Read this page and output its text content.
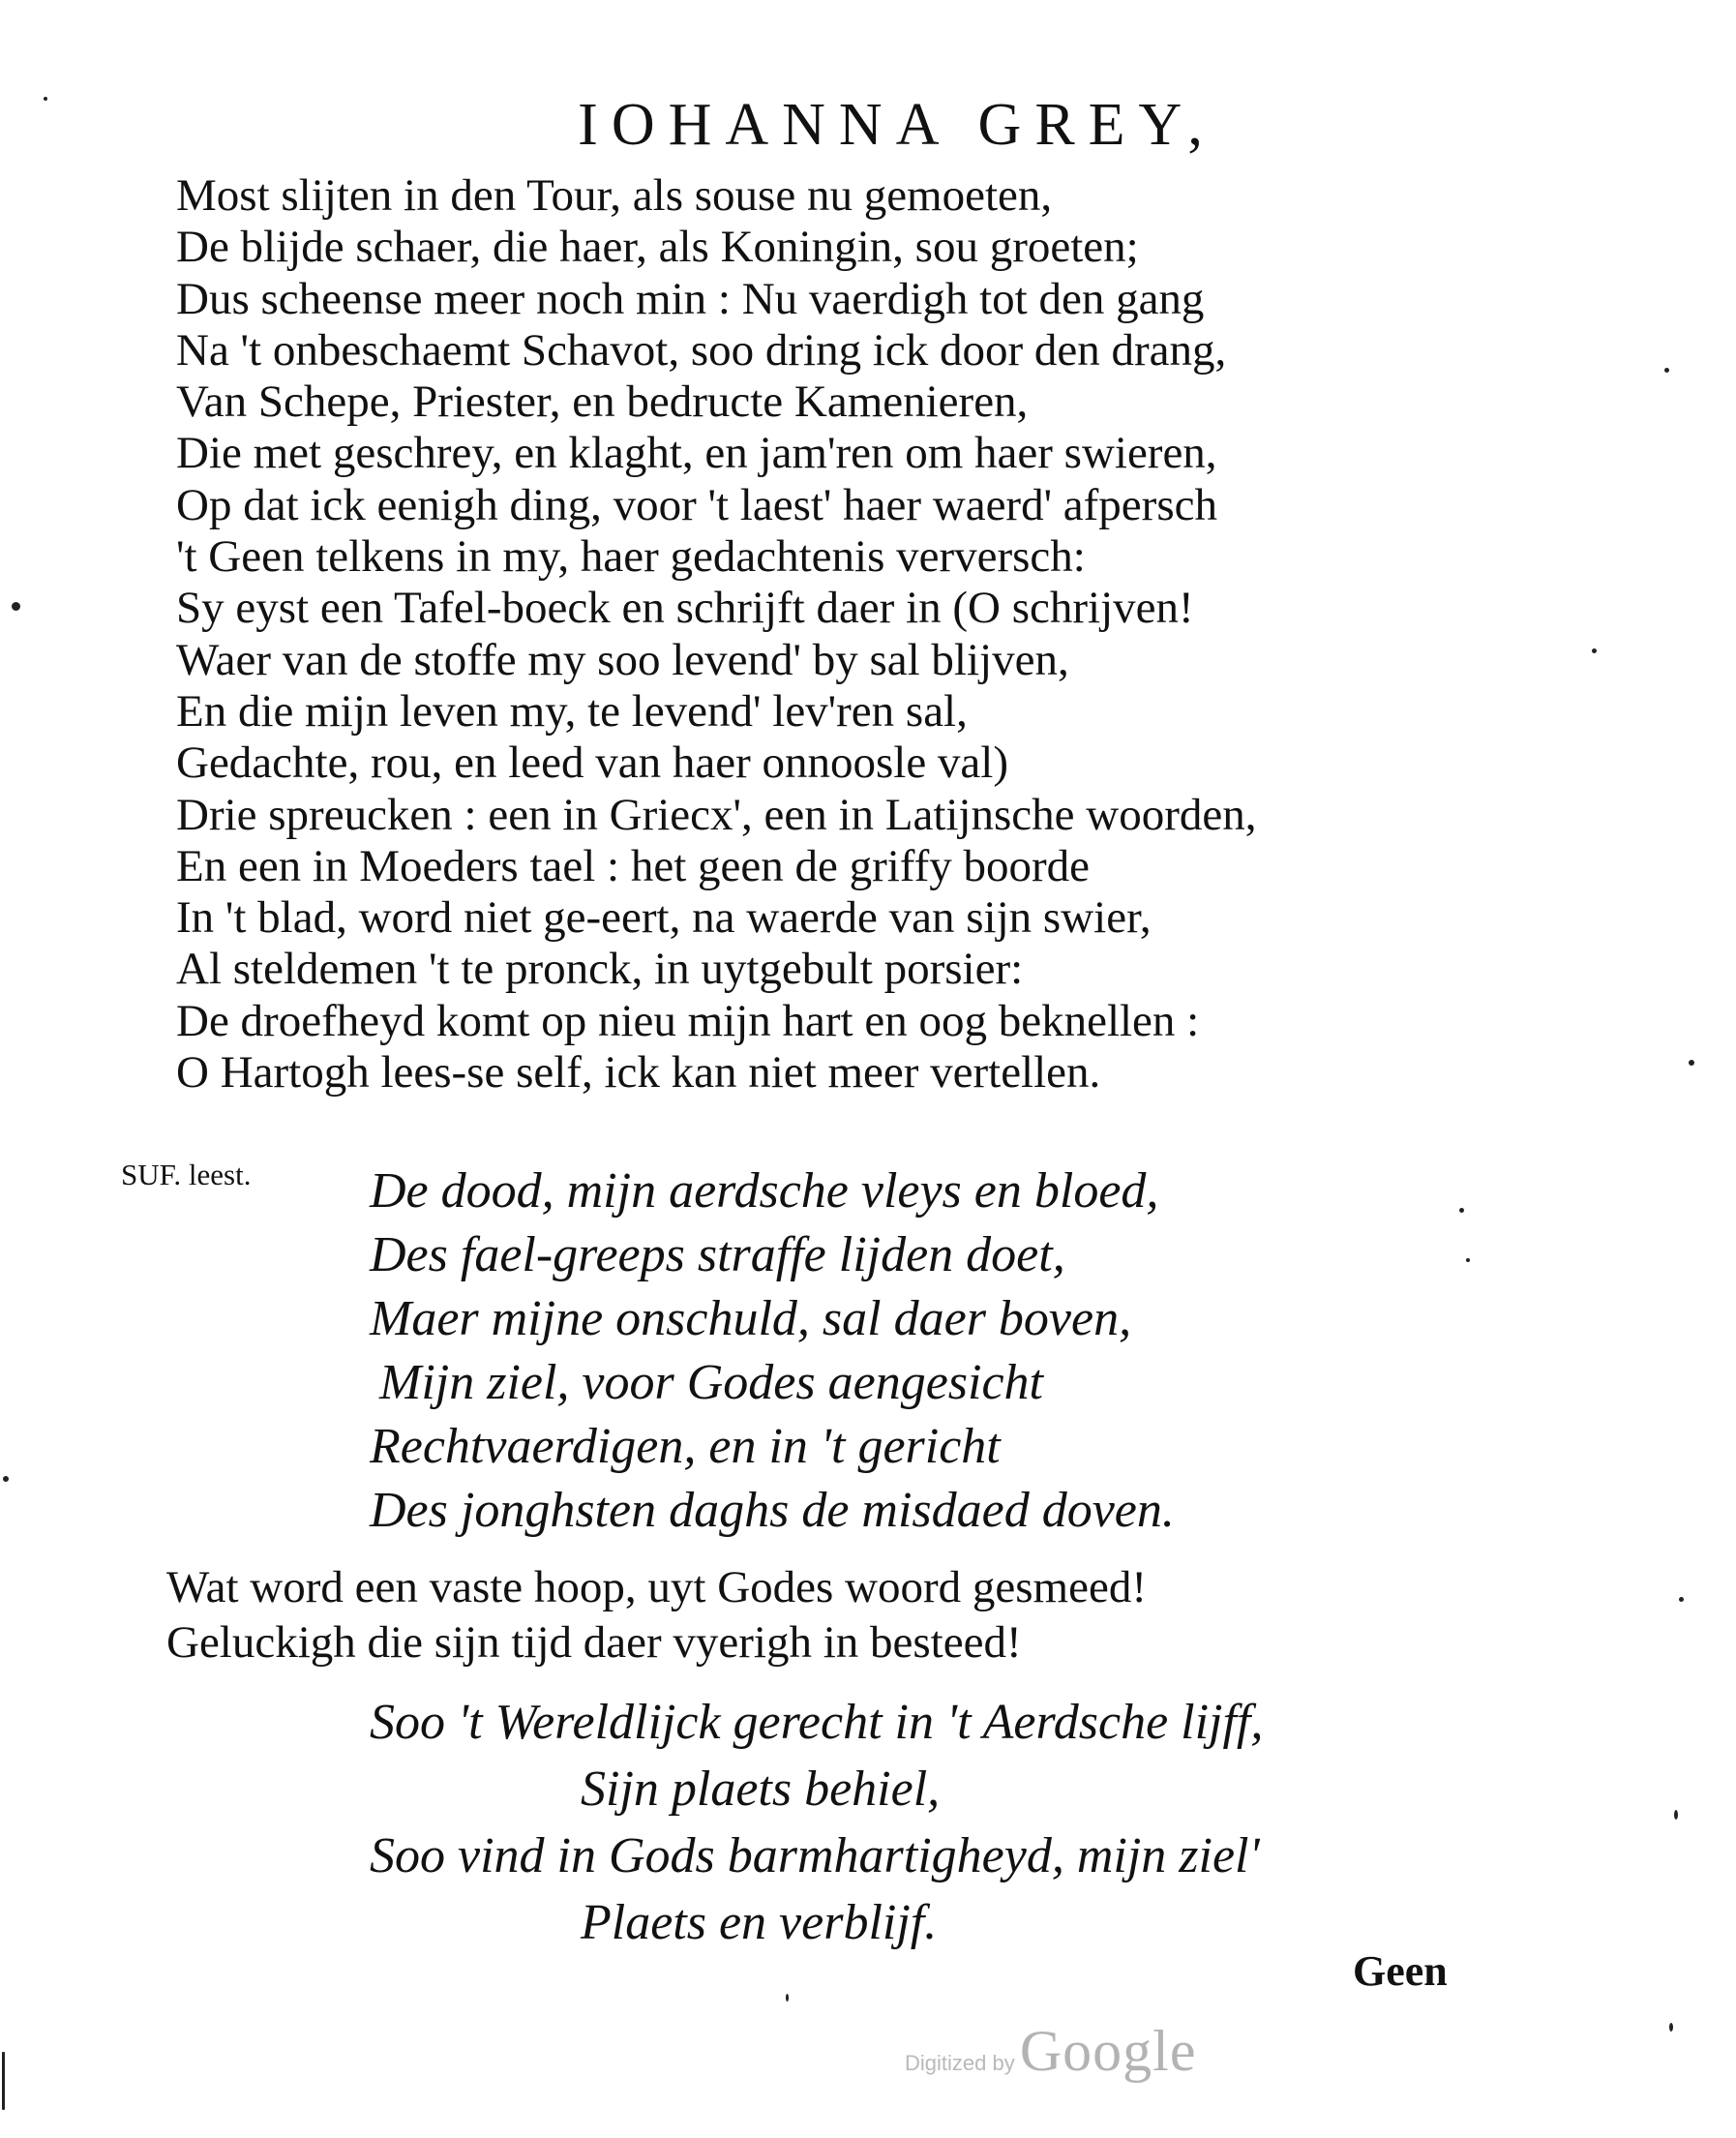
IOHANNA GREY,
Most slijten in den Tour, als souse nu gemoeten,
De blijde schaer, die haer, als Koningin, sou groeten;
Dus scheense meer noch min : Nu vaerdigh tot den gang
Na 't onbeschaemt Schavot, soo dring ick door den drang,
Van Schepe, Priester, en bedructe Kamenieren,
Die met geschrey, en klaght, en jam'ren om haer swieren,
Op dat ick eenigh ding, voor 't laest' haer waerd' afpersch
't Geen telkens in my, haer gedachtenis verversch:
Sy eyst een Tafel-boeck en schrijft daer in (O schrijven!
Waer van de stoffe my soo levend' by sal blijven,
En die mijn leven my, te levend' lev'ren sal,
Gedachte, rou, en leed van haer onnoosle val)
Drie spreucken : een in Griecx', een in Latijnsche woorden,
En een in Moeders tael : het geen de griffy boorde
In 't blad, word niet ge-eert, na waerde van sijn swier,
Al steldemen 't te pronck, in uytgebult porsier:
De droefheyd komt op nieu mijn hart en oog beknellen :
O Hartogh lees-se self, ick kan niet meer vertellen.
SUF. leest. De dood, mijn aerdsche vleys en bloed,
Des fael-greeps straffe lijden doet,
Maer mijne onschuld, sal daer boven,
Mijn ziel, voor Godes aengesicht
Rechtvaerdigen, en in 't gericht
Des jonghsten daghs de misdaed doven.
Wat word een vaste hoop, uyt Godes woord gesmeed!
Geluckigh die sijn tijd daer vyerigh in besteed!
Soo 't Wereldlijck gerecht in 't Aerdsche lijff,
Sijn plaets behiel,
Soo vind in Gods barmhartigheyd, mijn ziel'
Plaets en verblijf.
Geen
Digitized by Google
